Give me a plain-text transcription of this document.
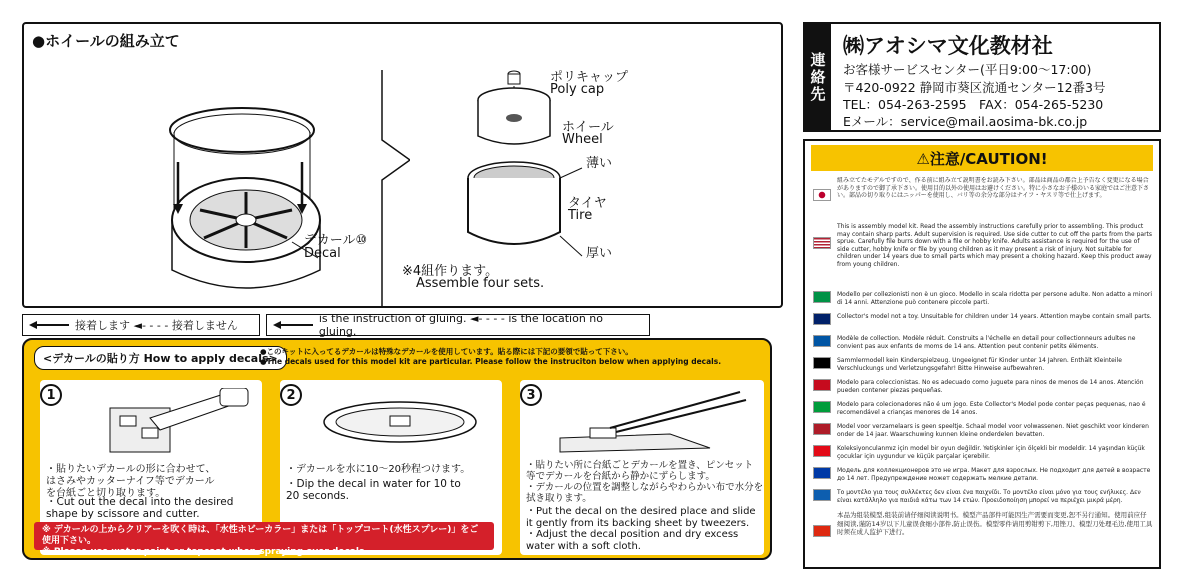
●ホイールの組み立て
デカール⑩
Decal
ポリキャップ
Poly cap
ホイール
Wheel
薄い
タイヤ
Tire
厚い
※4組作ります。
Assemble four sets.
接着します ◄- - - - 接着しません
is the instruction of gluing. ◄- - - - is the location no gluing.
<デカールの貼り方 How to apply decals>
●このキットに入ってるデカールは特殊なデカールを使用しています。貼る際には下記の要領で貼って下さい。
●The decals used for this model kit are particular. Please follow the instruciton below when applying decals.
1
・貼りたいデカールの形に合わせて、
はさみやカッターナイフ等でデカール
を台紙ごと切り取ります。
・Cut out the decal into the desired
shape by scissore and cutter.
2
・デカールを水に10〜20秒程つけます。
・Dip the decal in water for 10 to
20 seconds.
3
・貼りたい所に台紙ごとデカールを置き、ピンセット
等でデカールを台紙から静かにずらします。
・デカールの位置を調整しながらやわらかい布で水分を
拭き取ります。
・Put the decal on the desired place and slide
it gently from its backing sheet by tweezers.
・Adjust the decal position and dry excess
water with a soft cloth.
※ デカールの上からクリアーを吹く時は、「水性ホビーカラー」または「トップコート(水性スプレー)」をご使用下さい。
※ Please use water paint or topcoat when spraying over decals.
連
絡
先
㈱アオシマ文化教材社
お客様サービスセンター(平日9:00〜17:00)
〒420-0922 静岡市葵区流通センター12番3号
TEL：054-263-2595　FAX：054-265-5230
Eメール：service@mail.aosima-bk.co.jp
⚠注意/CAUTION!
組み立てたモデルですので、作る前に組み立て説明書をお読み下さい。部品は商品の都合上予告なく変更になる場合がありますので御了承下さい。使用目的以外の使用はお避けください。特に小さなお子様のいる家庭ではご注意下さい。部品の切り取りにはニッパーを使用し、バリ等の余分な部分はナイフ・ヤスリ等で仕上げます。
This is assembly model kit. Read the assembly instructions carefully prior to assembling. This product may contain sharp parts. Adult supervision is required. Use side cutter to cut off the parts from the parts sprue. Carefully file burrs down with a file or hobby knife. Adults assistance is required for the use of side cutter, hobby knife or file by young children as it may present a risk of injury. Not suitable for children under 14 years due to small parts which may present a choking hazard. Keep this product away from young children.
Modello per collezionisti non è un gioco. Modello in scala ridotta per persone adulte. Non adatto a minori di 14 anni. Attenzione può contenere piccole parti.
Collector's model not a toy. Unsuitable for children under 14 years. Attention maybe contain small parts.
Modèle de collection. Modèle réduit. Construits a l'échelle en detail pour collectionneurs adultes ne convient pas aux enfants de moms de 14 ans. Attention peut contenir petits éléments.
Sammlermodell kein Kinderspielzeug. Ungeeignet für Kinder unter 14 Jahren. Enthält Kleinteile Verschluckungs und Verletzungsgefahr! Bitte Hinweise aufbewahren.
Modelo para coleccionistas. No es adecuado como juguete para ninos de menos de 14 anos. Atención pueden contener piezas pequeñas.
Modelo para colecionadores não é um jogo. Este Collector's Model pode conter peças pequenas, nao é recomendável a crianças menores de 14 anos.
Model voor verzamelaars is geen speeltje. Schaal model voor volwassenen. Niet geschikt voor kinderen onder de 14 jaar. Waarschuwing kunnen kleine onderdelen bevatten.
Koleksiyonculanmız için model bir oyun değildir. Yetişkinler için ölçekli bir modeldir. 14 yaşından küçük çocuklar için uygundur ve küçük parçalar içerebilir.
Модель для коллекционеров это не игра. Макет для взрослых. Не подходит для детей в возрасте до 14 лет. Предупреждение может содержать мелкие детали.
Το μοντέλο για τους συλλέκτες δεν είναι ένα παιχνίδι. Το μοντέλο είναι μόνο για τους ενήλικες. Δεν είναι κατάλληλο για παιδιά κάτω των 14 ετών. Προειδοποίηση μπορεί να περιέχει μικρά μέρη.
本品为组装模型,组装前请仔细阅读说明书。模型产品部件可能因生产需要而变更,恕不另行通知。使用前应仔细阅读,谨防14岁以下儿童误食细小部件,防止误伤。模型零件请用剪钳剪下,用锉刀、模型刀处理毛边,使用工具时须在成人监护下进行。
